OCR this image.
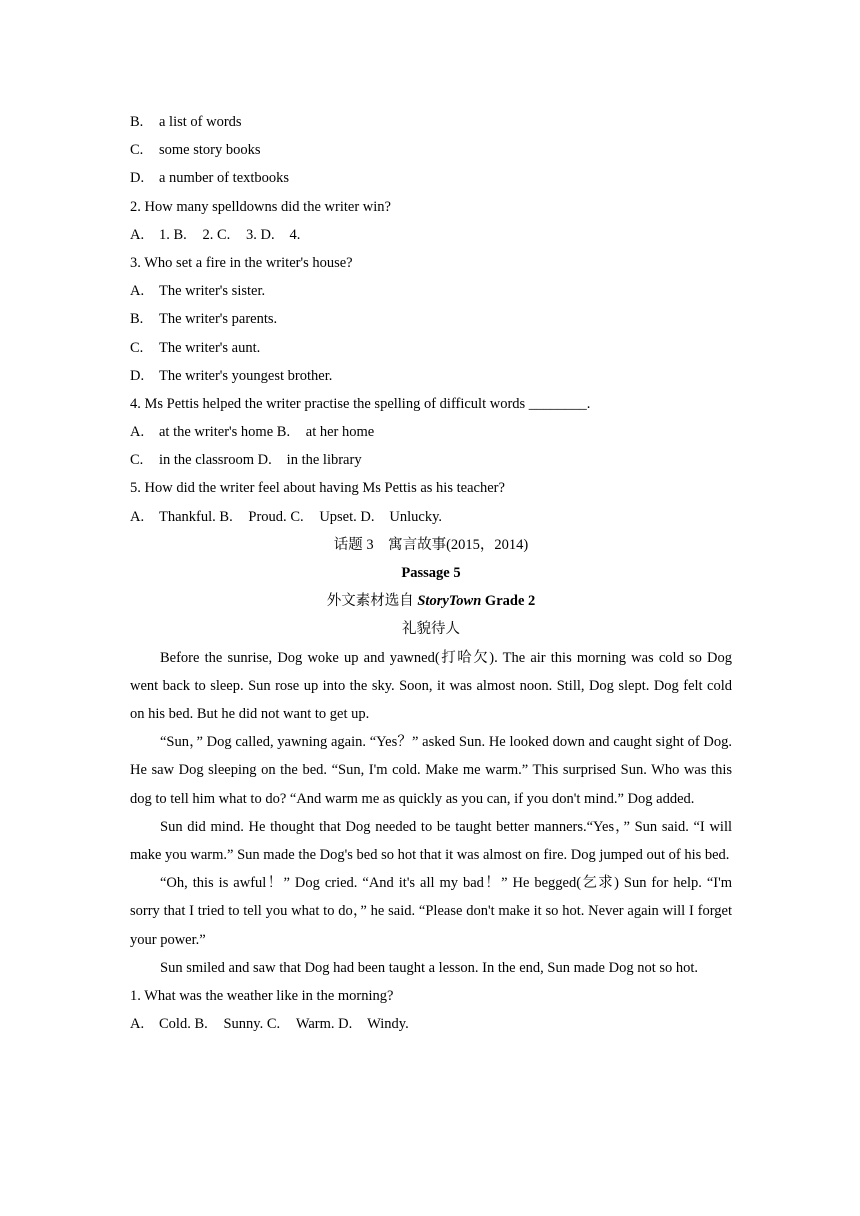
B. a list of words
C. some story books
D. a number of textbooks
2. How many spelldowns did the writer win?
A. 1. B. 2. C. 3. D. 4.
3. Who set a fire in the writer's house?
A. The writer's sister.
B. The writer's parents.
C. The writer's aunt.
D. The writer's youngest brother.
4. Ms Pettis helped the writer practise the spelling of difficult words ________.
A. at the writer's home B. at her home
C. in the classroom D. in the library
5. How did the writer feel about having Ms Pettis as his teacher?
A. Thankful. B. Proud. C. Upset. D. Unlucky.
话题 3　寓言故事(2015，2014)
Passage 5
外文素材选自 StoryTown Grade 2
礼貌待人

Before the sunrise, Dog woke up and yawned(打哈欠). The air this morning was cold so Dog went back to sleep. Sun rose up into the sky. Soon, it was almost noon. Still, Dog slept. Dog felt cold on his bed. But he did not want to get up.

“Sun，” Dog called, yawning again. “Yes？” asked Sun. He looked down and caught sight of Dog. He saw Dog sleeping on the bed. “Sun, I'm cold. Make me warm.” This surprised Sun. Who was this dog to tell him what to do? “And warm me as quickly as you can, if you don't mind.” Dog added.

Sun did mind. He thought that Dog needed to be taught better manners.“Yes，” Sun said. “I will make you warm.” Sun made the Dog's bed so hot that it was almost on fire. Dog jumped out of his bed.

“Oh, this is awful！” Dog cried. “And it's all my bad！” He begged(乞求) Sun for help. “I'm sorry that I tried to tell you what to do，” he said. “Please don't make it so hot. Never again will I forget your power.”

Sun smiled and saw that Dog had been taught a lesson. In the end, Sun made Dog not so hot.

1. What was the weather like in the morning?
A. Cold. B. Sunny. C. Warm. D. Windy.
